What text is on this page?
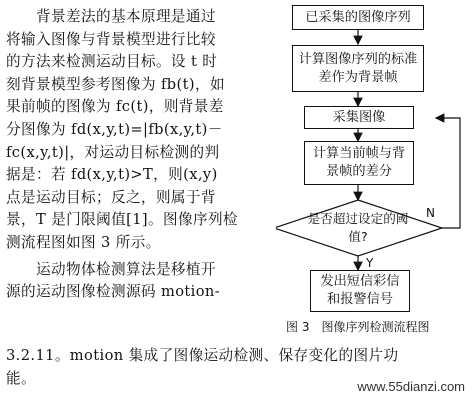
　　背景差法的基本原理是通过

将输入图像与背景模型进行比较

的方法来检测运动目标。设 t 时

刻背景模型参考图像为 fb(t)，如

果前帧的图像为 fc(t)，则背景差

分图像为 fd(x,y,t)=|fb(x,y,t)－

fc(x,y,t)|，对运动目标检测的判

据是：若 fd(x,y,t)>T，则(x,y)

点是运动目标；反之，则属于背

景，T 是门限阈值[1]。图像序列检

测流程图如图 3 所示。

　　运动物体检测算法是移植开

源的运动图像检测源码 motion-

3.2.11。motion 集成了图像运动检测、保存变化的图片功
能。
已采集的图像序列
计算图像序列的标准差作为背景帧
采集图像
计算当前帧与背景帧的差分
是否超过设定的阈值?
发出短信彩信和报警信号
N
Y
图 3　图像序列检测流程图
www.55dianzi.com
